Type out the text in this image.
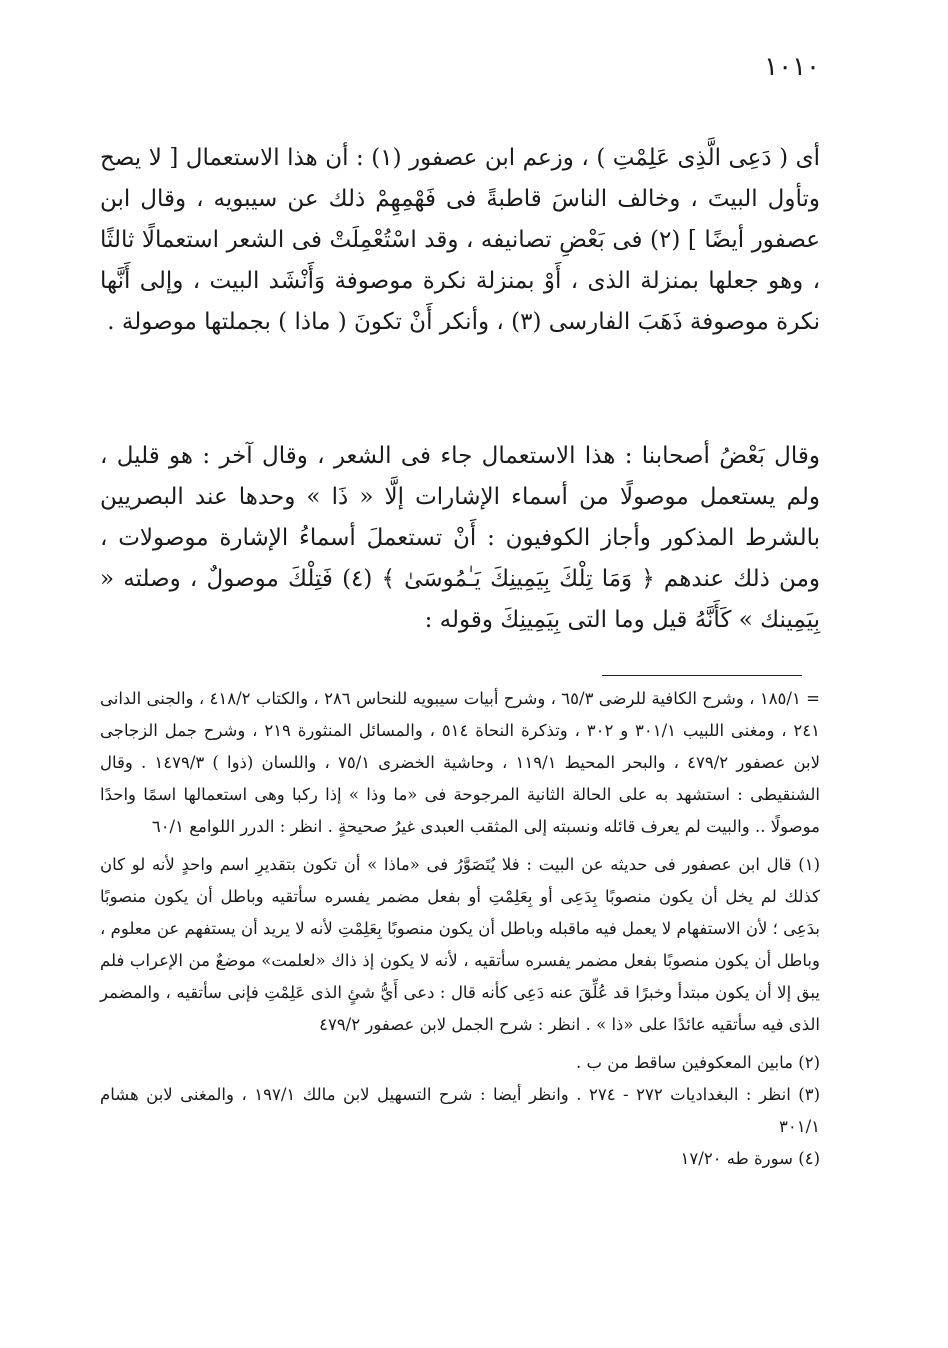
١٠١٠

أى ( دَعِى الَّذِى عَلِمْتِ ) ، وزعم ابن عصفور (١) : أن هذا الاستعمال [ لا يصح وتأول البيتَ ، وخالف الناسَ قاطبةً فى فَهْمِهِمْ ذلك عن سيبويه ، وقال ابن عصفور أيضًا ] (٢) فى بَعْضِ تصانيفه ، وقد اسْتُعْمِلَتْ فى الشعر استعمالًا ثالثًا ، وهو جعلها بمنزلة الذى ، أَوْ بمنزلة نكرة موصوفة وَأَنْشَد البيت ، وإلى أَنَّها نكرة موصوفة ذَهَبَ الفارسى (٣) ، وأنكر أَنْ تكونَ ( ماذا ) بجملتها موصولة .

وقال بَعْضُ أصحابنا : هذا الاستعمال جاء فى الشعر ، وقال آخر : هو قليل ، ولم يستعمل موصولًا من أسماء الإشارات إلَّا « ذَا » وحدها عند البصريين بالشرط المذكور وأجاز الكوفيون : أَنْ تستعملَ أسماءُ الإشارة موصولات ، ومن ذلك عندهم ﴿ وَمَا تِلْكَ بِيَمِينِكَ يَـٰمُوسَىٰ ﴾ (٤) فَتِلْكَ موصولٌ ، وصلته « بِيَمِينك » كَأَنَّهُ قيل وما التى بِيَمِينِكَ وقوله :

= ١٨٥/١ ، وشرح الكافية للرضى ٦٥/٣ ، وشرح أبيات سيبويه للنحاس ٢٨٦ ، والكتاب ٤١٨/٢ ، والجنى الدانى ٢٤١ ، ومغنى اللبيب ٣٠١/١ و ٣٠٢ ، وتذكرة النحاة ٥١٤ ، والمسائل المنثورة ٢١٩ ، وشرح جمل الزجاجى لابن عصفور ٤٧٩/٢ ، والبحر المحيط ١١٩/١ ، وحاشية الخضرى ٧٥/١ ، واللسان (ذوا ) ١٤٧٩/٣ . وقال الشنقيطى : استشهد به على الحالة الثانية المرجوحة فى «ما وذا » إذا ركبا وهى استعمالها اسمًا واحدًا موصولًا .. والبيت لم يعرف قائله ونسبته إلى المثقب العبدى غيرُ صحيحةٍ . انظر : الدرر اللوامع ٦٠/١

(١) قال ابن عصفور فى حديثه عن البيت : فلا يُتَصَوَّرُ فى «ماذا » أن تكون بتقديرِ اسم واحدٍ لأنه لو كان كذلك لم يخل أن يكون منصوبًا بِدَعِى أو بِعَلِمْتِ أو بفعل مضمر يفسره سأتقيه وباطل أن يكون منصوبًا بدَعِى ؛ لأن الاستفهام لا يعمل فيه ماقبله وباطل أن يكون منصوبًا بِعَلِمْتِ لأنه لا يريد أن يستفهم عن معلوم ، وباطل أن يكون منصوبًا بفعل مضمر يفسره سأتقيه ، لأنه لا يكون إذ ذاك «لعلمت» موضعٌ من الإعراب فلم يبق إلا أن يكون مبتدأ وخبرًا قد عُلِّقَ عنه دَعِى كأنه قال : دعى أَيُّ شئٍ الذى عَلِمْتِ فإنى سأتقيه ، والمضمر الذى فيه سأتقيه عائدًا على «ذا » . انظر : شرح الجمل لابن عصفور ٤٧٩/٢

(٢) مابين المعكوفين ساقط من ب .

(٣) انظر : البغداديات ٢٧٢ - ٢٧٤ . وانظر أيضا : شرح التسهيل لابن مالك ١٩٧/١ ، والمغنى لابن هشام ٣٠١/١

(٤) سورة طه ١٧/٢٠
